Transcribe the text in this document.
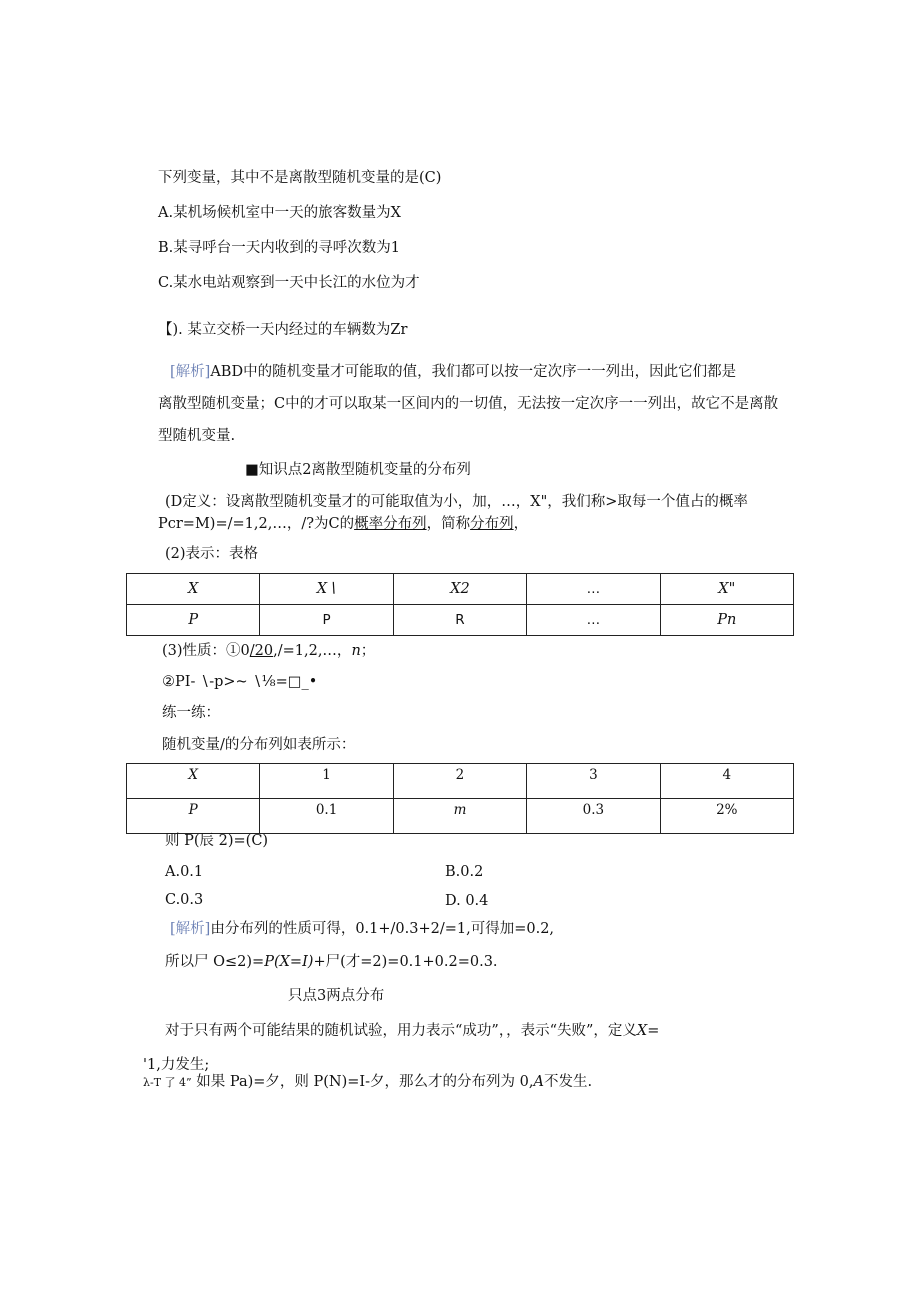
下列变量，其中不是离散型随机变量的是(C)
A.某机场候机室中一天的旅客数量为X
B.某寻呼台一天内收到的寻呼次数为1
C.某水电站观察到一天中长江的水位为才
【). 某立交桥一天内经过的车辆数为Zr
[解析]ABD中的随机变量才可能取的值，我们都可以按一定次序一一列出，因此它们都是
离散型随机变量；C中的才可以取某一区间内的一切值，无法按一定次序一一列出，故它不是离散
型随机变量.
■知识点2离散型随机变量的分布列
(D定义：设离散型随机变量才的可能取值为小，加，…，X"，我们称>取每一个值占的概率
Pcr=M)=/=1,2,…，/?为C的概率分布列，简称分布列，
(2)表示：表格
X	X∖	X2	…	X"
P	P	R	…	Pn
(3)性质：①0/20,/=1,2,…，n；
②PI- ∖-p>~ ∖⅛=□_•
练一练：
随机变量/的分布列如表所示：
X	1	2	3	4
P	0.1	m	0.3	2%
则 P(辰 2)=(C)
A.0.1	B.0.2
C.0.3	D. 0.4
[解析]由分布列的性质可得，0.1+/0.3+2/=1,可得加=0.2,
所以尸 O≤2)=P(X=I)+尸(才=2)=0.1+0.2=0.3.
只点3两点分布
对于只有两个可能结果的随机试验，用力表示“成功”，，表示“失败”，定义X=
'1,力发生;
λ-T 了 4” 如果 Pa)=夕，则 P(N)=I-夕，那么才的分布列为 0,A不发生.
